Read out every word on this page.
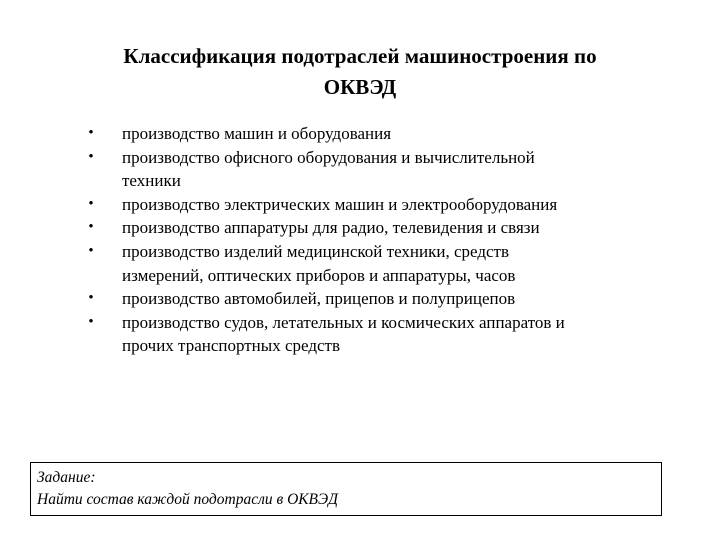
Классификация подотраслей машиностроения по
ОКВЭД
• производство машин и оборудования
• производство офисного оборудования и вычислительной
техники
• производство электрических машин и электрооборудования
• производство аппаратуры для радио, телевидения и связи
• производство изделий медицинской техники, средств
измерений, оптических приборов и аппаратуры, часов
• производство автомобилей, прицепов и полуприцепов
• производство судов, летательных и космических аппаратов и
прочих транспортных средств
Задание:
Найти состав каждой подотрасли в ОКВЭД
